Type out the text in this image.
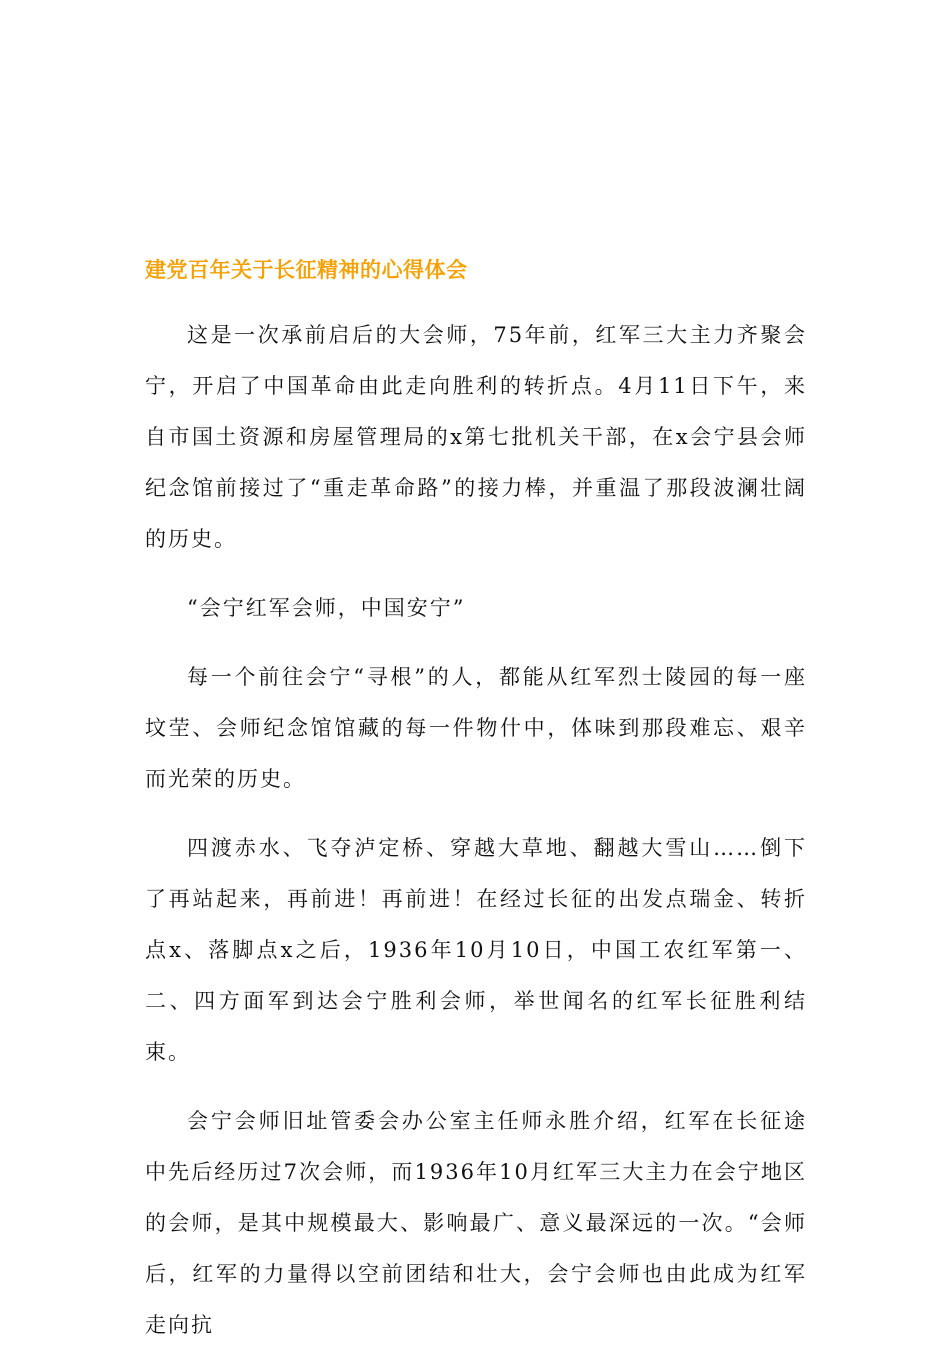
建党百年关于长征精神的心得体会

这是一次承前启后的大会师，75年前，红军三大主力齐聚会宁，开启了中国革命由此走向胜利的转折点。4月11日下午，来自市国土资源和房屋管理局的x第七批机关干部，在x会宁县会师纪念馆前接过了“重走革命路”的接力棒，并重温了那段波澜壮阔的历史。

“会宁红军会师，中国安宁”

每一个前往会宁“寻根”的人，都能从红军烈士陵园的每一座坟茔、会师纪念馆馆藏的每一件物什中，体味到那段难忘、艰辛而光荣的历史。

四渡赤水、飞夺泸定桥、穿越大草地、翻越大雪山……倒下了再站起来，再前进！再前进！在经过长征的出发点瑞金、转折点x、落脚点x之后，1936年10月10日，中国工农红军第一、二、四方面军到达会宁胜利会师，举世闻名的红军长征胜利结束。

会宁会师旧址管委会办公室主任师永胜介绍，红军在长征途中先后经历过7次会师，而1936年10月红军三大主力在会宁地区的会师，是其中规模最大、影响最广、意义最深远的一次。“会师后，红军的力量得以空前团结和壮大，会宁会师也由此成为红军走向抗
